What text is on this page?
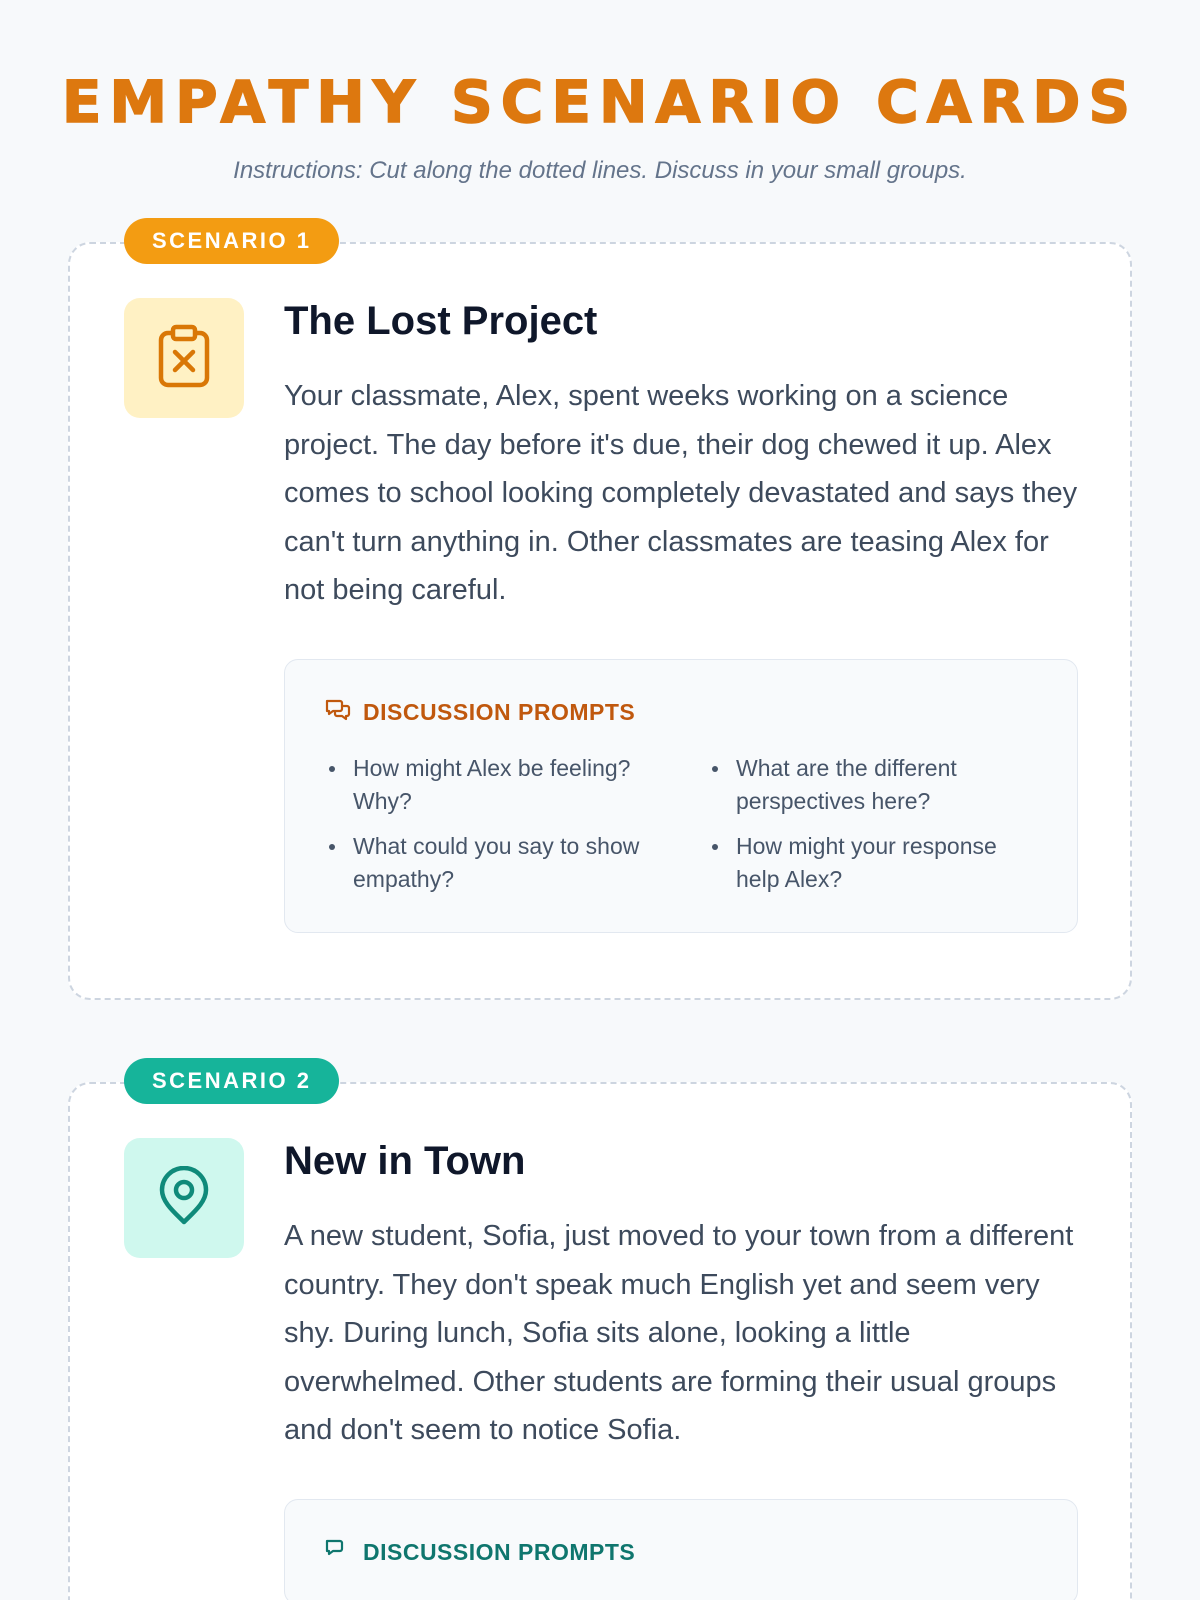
EMPATHY SCENARIO CARDS

Instructions: Cut along the dotted lines. Discuss in your small groups.

SCENARIO 1
The Lost Project

Your classmate, Alex, spent weeks working on a science project. The day before it's due, their dog chewed it up. Alex comes to school looking completely devastated and says they can't turn anything in. Other classmates are teasing Alex for not being careful.

DISCUSSION PROMPTS
How might Alex be feeling? Why?
What are the different perspectives here?
What could you say to show empathy?
How might your response help Alex?
SCENARIO 2
New in Town

A new student, Sofia, just moved to your town from a different country. They don't speak much English yet and seem very shy. During lunch, Sofia sits alone, looking a little overwhelmed. Other students are forming their usual groups and don't seem to notice Sofia.

DISCUSSION PROMPTS
